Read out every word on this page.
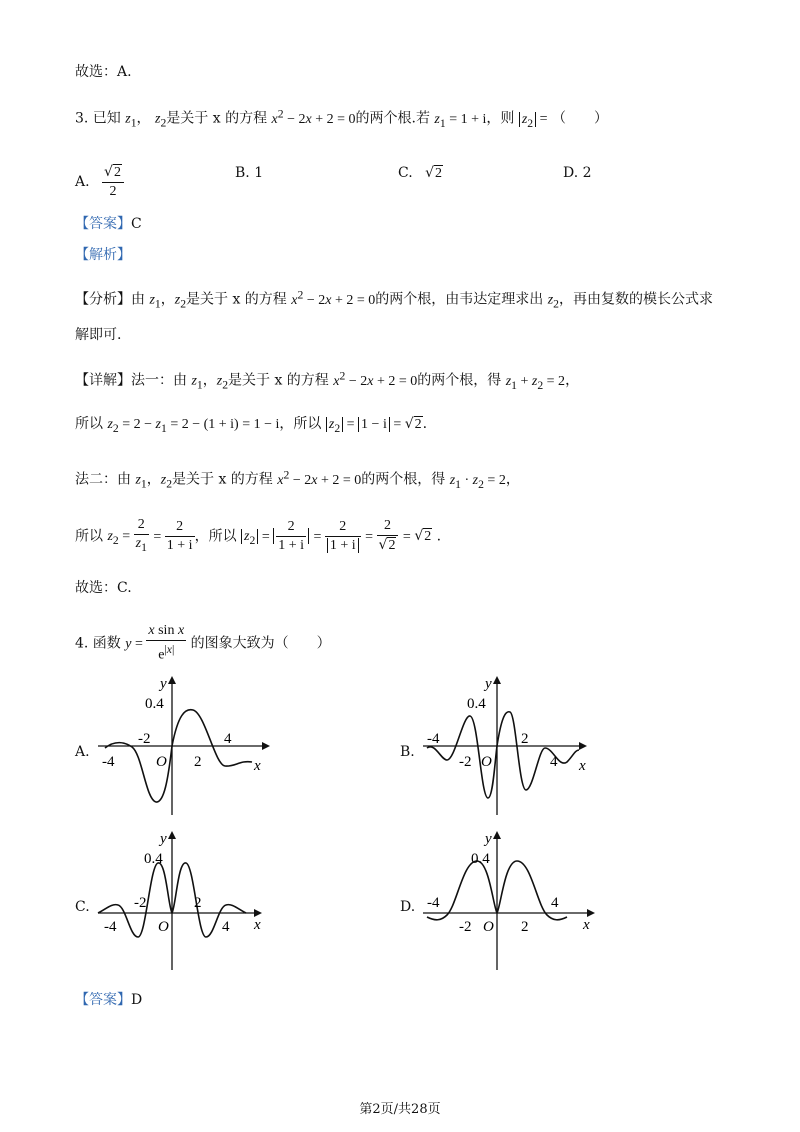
故选：A.
3. 已知 $z_1$， $z_2$是关于 x 的方程 $x^2 - 2x + 2 = 0$的两个根.若 $z_1 = 1 + i$，则 $z_2$ = （　　）
A. $\frac{√2}{2}$	B. 1	C. √2	D. 2
【答案】C
【解析】
【分析】由 $z_1$，$z_2$是关于 x 的方程 $x^2 - 2x + 2 = 0$的两个根，由韦达定理求出 $z_2$，再由复数的模长公式求
解即可.
【详解】法一：由 $z_1$，$z_2$是关于 x 的方程 $x^2 - 2x + 2 = 0$的两个根，得 $z_1 + z_2 = 2$，
所以 $z_2 = 2 - z_1 = 2 - (1 + i) = 1 - i$，所以 $z_2 = 1 - i = √2$.
法二：由 $z_1$，$z_2$是关于 x 的方程 $x^2 - 2x + 2 = 0$的两个根，得 $z_1 \cdot z_2 = 2$，
所以 $z_2 = \frac{2}{z_1} = \frac{2}{1 + i}$ ，所以 $z_2 = \frac{2}{1 + i} = \frac{2}{1 + i} = \frac{2}{√2} = √2$ .
故选：C.
4. 函数 $y = \frac{\text{x sin x}}{e^{|x|}}$ 的图象大致为（　　）
A.
0.4
-2
-4	O 2
4
x
y
B.
0.4
-4
-2 O
2
4 x
y
C.
0.4
-2
-4	O
2
4 x
y
D.
0.4
-4
-2 O 2
4
x
y
【答案】D
第2页/共28页
